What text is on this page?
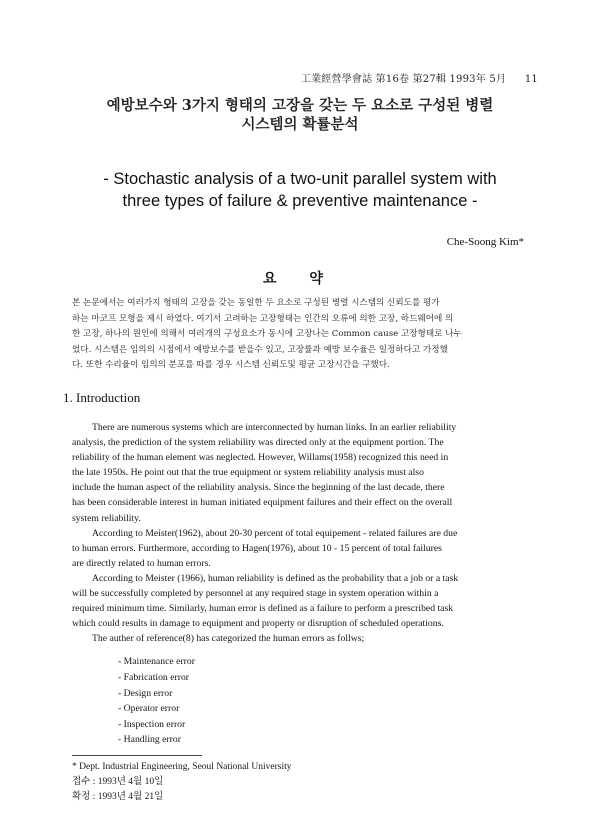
工業經營學會誌 第16卷 第27輯 1993年 5月 11
예방보수와 3가지 형태의 고장을 갖는 두 요소로 구성된 병렬
시스템의 확률분석
- Stochastic analysis of a two-unit parallel system with
three types of failure & preventive maintenance -
Che-Soong Kim*
요 약
본 논문에서는 여러가지 형태의 고장을 갖는 동일한 두 요소로 구성된 병렬 시스템의 신뢰도를 평가
하는 마코프 모형을 제시 하였다. 여기서 고려하는 고장형태는 인간의 오류에 의한 고장, 하드웨어에 의
한 고장, 하나의 원인에 의해서 여러개의 구성요소가 동시에 고장나는 Common cause 고장형태로 나누
었다. 시스템은 임의의 시점에서 예방보수를 받을수 있고, 고장률과 예방 보수율은 일정하다고 가정했
다. 또한 수리율이 임의의 분포를 따를 경우 시스템 신뢰도및 평균 고장시간을 구했다.
1. Introduction
There are numerous systems which are interconnected by human links. In an earlier reliability
analysis, the prediction of the system reliability was directed only at the equipment portion. The
reliability of the human element was neglected. However, Willams(1958) recognized this need in
the late 1950s. He point out that the true equipment or system reliability analysis must also
include the human aspect of the reliability analysis. Since the beginning of the last decade, there
has been considerable interest in human initiated equipment failures and their effect on the overall
system reliability.
According to Meister(1962), about 20-30 percent of total equipement - related failures are due
to human errors. Furthermore, according to Hagen(1976), about 10 - 15 percent of total failures
are directly related to human errors.
According to Meister (1966), human reliability is defined as the probability that a job or a task
will be successfully completed by personnel at any required stage in system operation within a
required minimum time. Similarly, human error is defined as a failure to perform a prescribed task
which could results in damage to equipment and property or disruption of scheduled operations.
The auther of reference(8) has categorized the human errors as follws;
- Maintenance error
- Fabrication error
- Design error
- Operator error
- Inspection error
- Handling error
* Dept. Industrial Engineering, Seoul National University
접수 : 1993년 4월 10일
확정 : 1993년 4월 21일
